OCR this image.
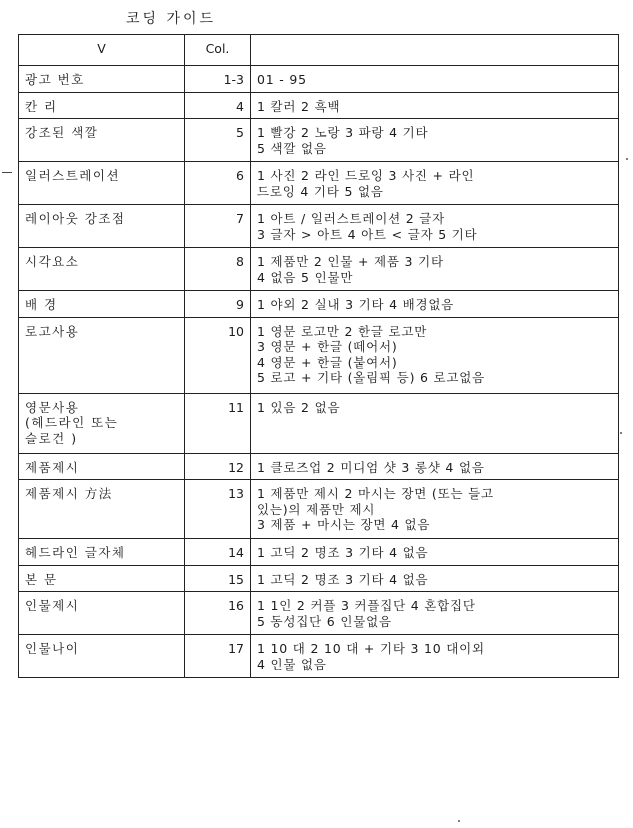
코딩 가이드
V	Col.	
광고 번호	1-3	01 - 95
칸 리	4	1 칼러 2 흑백
강조된 색깔	5	1 빨강 2 노랑 3 파랑 4 기타
5 색깔 없음
일러스트레이션	6	1 사진 2 라인 드로잉 3 사진 + 라인
드로잉 4 기타 5 없음
레이아웃 강조점	7	1 아트 / 일러스트레이션 2 글자
3 글자 > 아트 4 아트 < 글자 5 기타
시각요소	8	1 제품만 2 인물 + 제품 3 기타
4 없음 5 인물만
배 경	9	1 야외 2 실내 3 기타 4 배경없음
로고사용	10	1 영문 로고만 2 한글 로고만
3 영문 + 한글 (떼어서)
4 영문 + 한글 (붙여서)
5 로고 + 기타 (올림픽 등) 6 로고없음
영문사용
(헤드라인 또는
슬로건 )	11	1 있음 2 없음
제품제시	12	1 클로즈업 2 미디엄 샷 3 롱샷 4 없음
제품제시 方法	13	1 제품만 제시 2 마시는 장면 (또는 들고
있는)의 제품만 제시
3 제품 + 마시는 장면 4 없음
헤드라인 글자체	14	1 고딕 2 명조 3 기타 4 없음
본 문	15	1 고딕 2 명조 3 기타 4 없음
인물제시	16	1 1인 2 커플 3 커플집단 4 혼합집단
5 동성집단 6 인물없음
인물나이	17	1 10 대 2 10 대 + 기타 3 10 대이외
4 인물 없음
